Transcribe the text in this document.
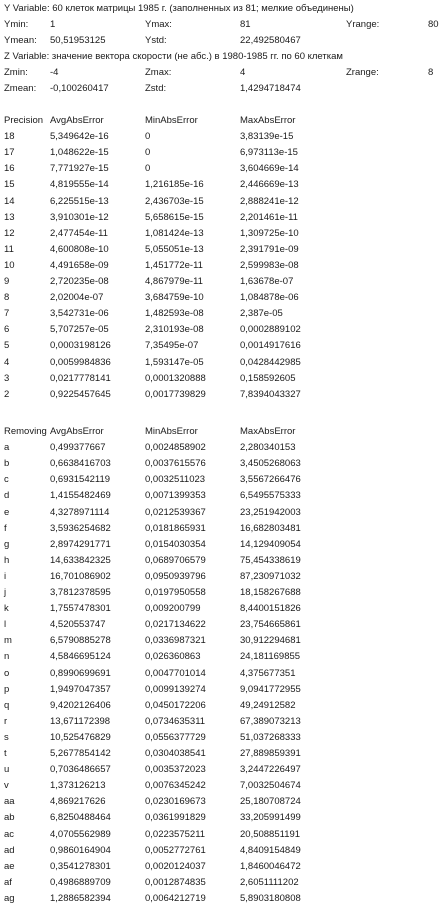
Y Variable: 60 клеток матрицы 1985 г. (заполненных из 81; мелкие объединены)
Ymin: 1	Ymax:	81	Yrange:	80
Ymean: 50,51953125	Ystd:	22,492580467
Z Variable: значение вектора скорости (не абс.) в 1980-1985 гг. по 60 клеткам
Zmin: -4	Zmax:	4	Zrange:	8
Zmean: -0,100260417	Zstd:	1,4294718474
Precision AvgAbsError	MinAbsError	MaxAbsError
18	5,349642e-16	0	3,83139e-15
17	1,048622e-15	0	6,973113e-15
16	7,771927e-15	0	3,604669e-14
15	4,819555e-14	1,216185e-16	2,446669e-13
14	6,225515e-13	2,436703e-15	2,888241e-12
13	3,910301e-12	5,658615e-15	2,201461e-11
12	2,477454e-11	1,081424e-13	1,309725e-10
11	4,600808e-10	5,055051e-13	2,391791e-09
10	4,491658e-09	1,451772e-11	2,599983e-08
9	2,720235e-08	4,867979e-11	1,63678e-07
8	2,02004e-07	3,684759e-10	1,084878e-06
7	3,542731e-06	1,482593e-08	2,387e-05
6	5,707257e-05	2,310193e-08	0,0002889102
5	0,0003198126	7,35495e-07	0,0014917616
4	0,0059984836	1,593147e-05	0,0428442985
3	0,0217778141	0,0001320888	0,158592605
2	0,9225457645	0,0017739829	7,8394043327
Removing AvgAbsError	MinAbsError	MaxAbsError
a	0,499377667	0,0024858902	2,280340153
b	0,6638416703	0,0037615576	3,4505268063
c	0,6931542119	0,0032511023	3,5567266476
d	1,4155482469	0,0071399353	6,5495575333
e	4,3278971114	0,0212539367	23,251942003
f	3,5936254682	0,0181865931	16,682803481
g	2,8974291771	0,0154030354	14,129409054
h	14,633842325	0,0689706579	75,454338619
i	16,701086902	0,0950939796	87,230971032
j	3,7812378595	0,0197950558	18,158267688
k	1,7557478301	0,009200799	8,4400151826
l	4,520553747	0,0217134622	23,754665861
m	6,5790885278	0,0336987321	30,912294681
n	4,5846695124	0,026360863	24,181169855
o	0,8990699691	0,0047701014	4,375677351
p	1,9497047357	0,0099139274	9,0941772955
q	9,4202126406	0,0450172206	49,24912582
r	13,671172398	0,0734635311	67,389073213
s	10,525476829	0,0556377729	51,037268333
t	5,2677854142	0,0304038541	27,889859391
u	0,7036486657	0,0035372023	3,2447226497
v	1,373126213	0,0076345242	7,0032504674
aa	4,869217626	0,0230169673	25,180708724
ab	6,8250488464	0,0361991829	33,205991499
ac	4,0705562989	0,0223575211	20,508851191
ad	0,9860164904	0,0052772761	4,8409154849
ae	0,3541278301	0,0020124037	1,8460046472
af	0,4986889709	0,0012874835	2,6051111202
ag	1,2886582394	0,0064212719	5,8903180808
